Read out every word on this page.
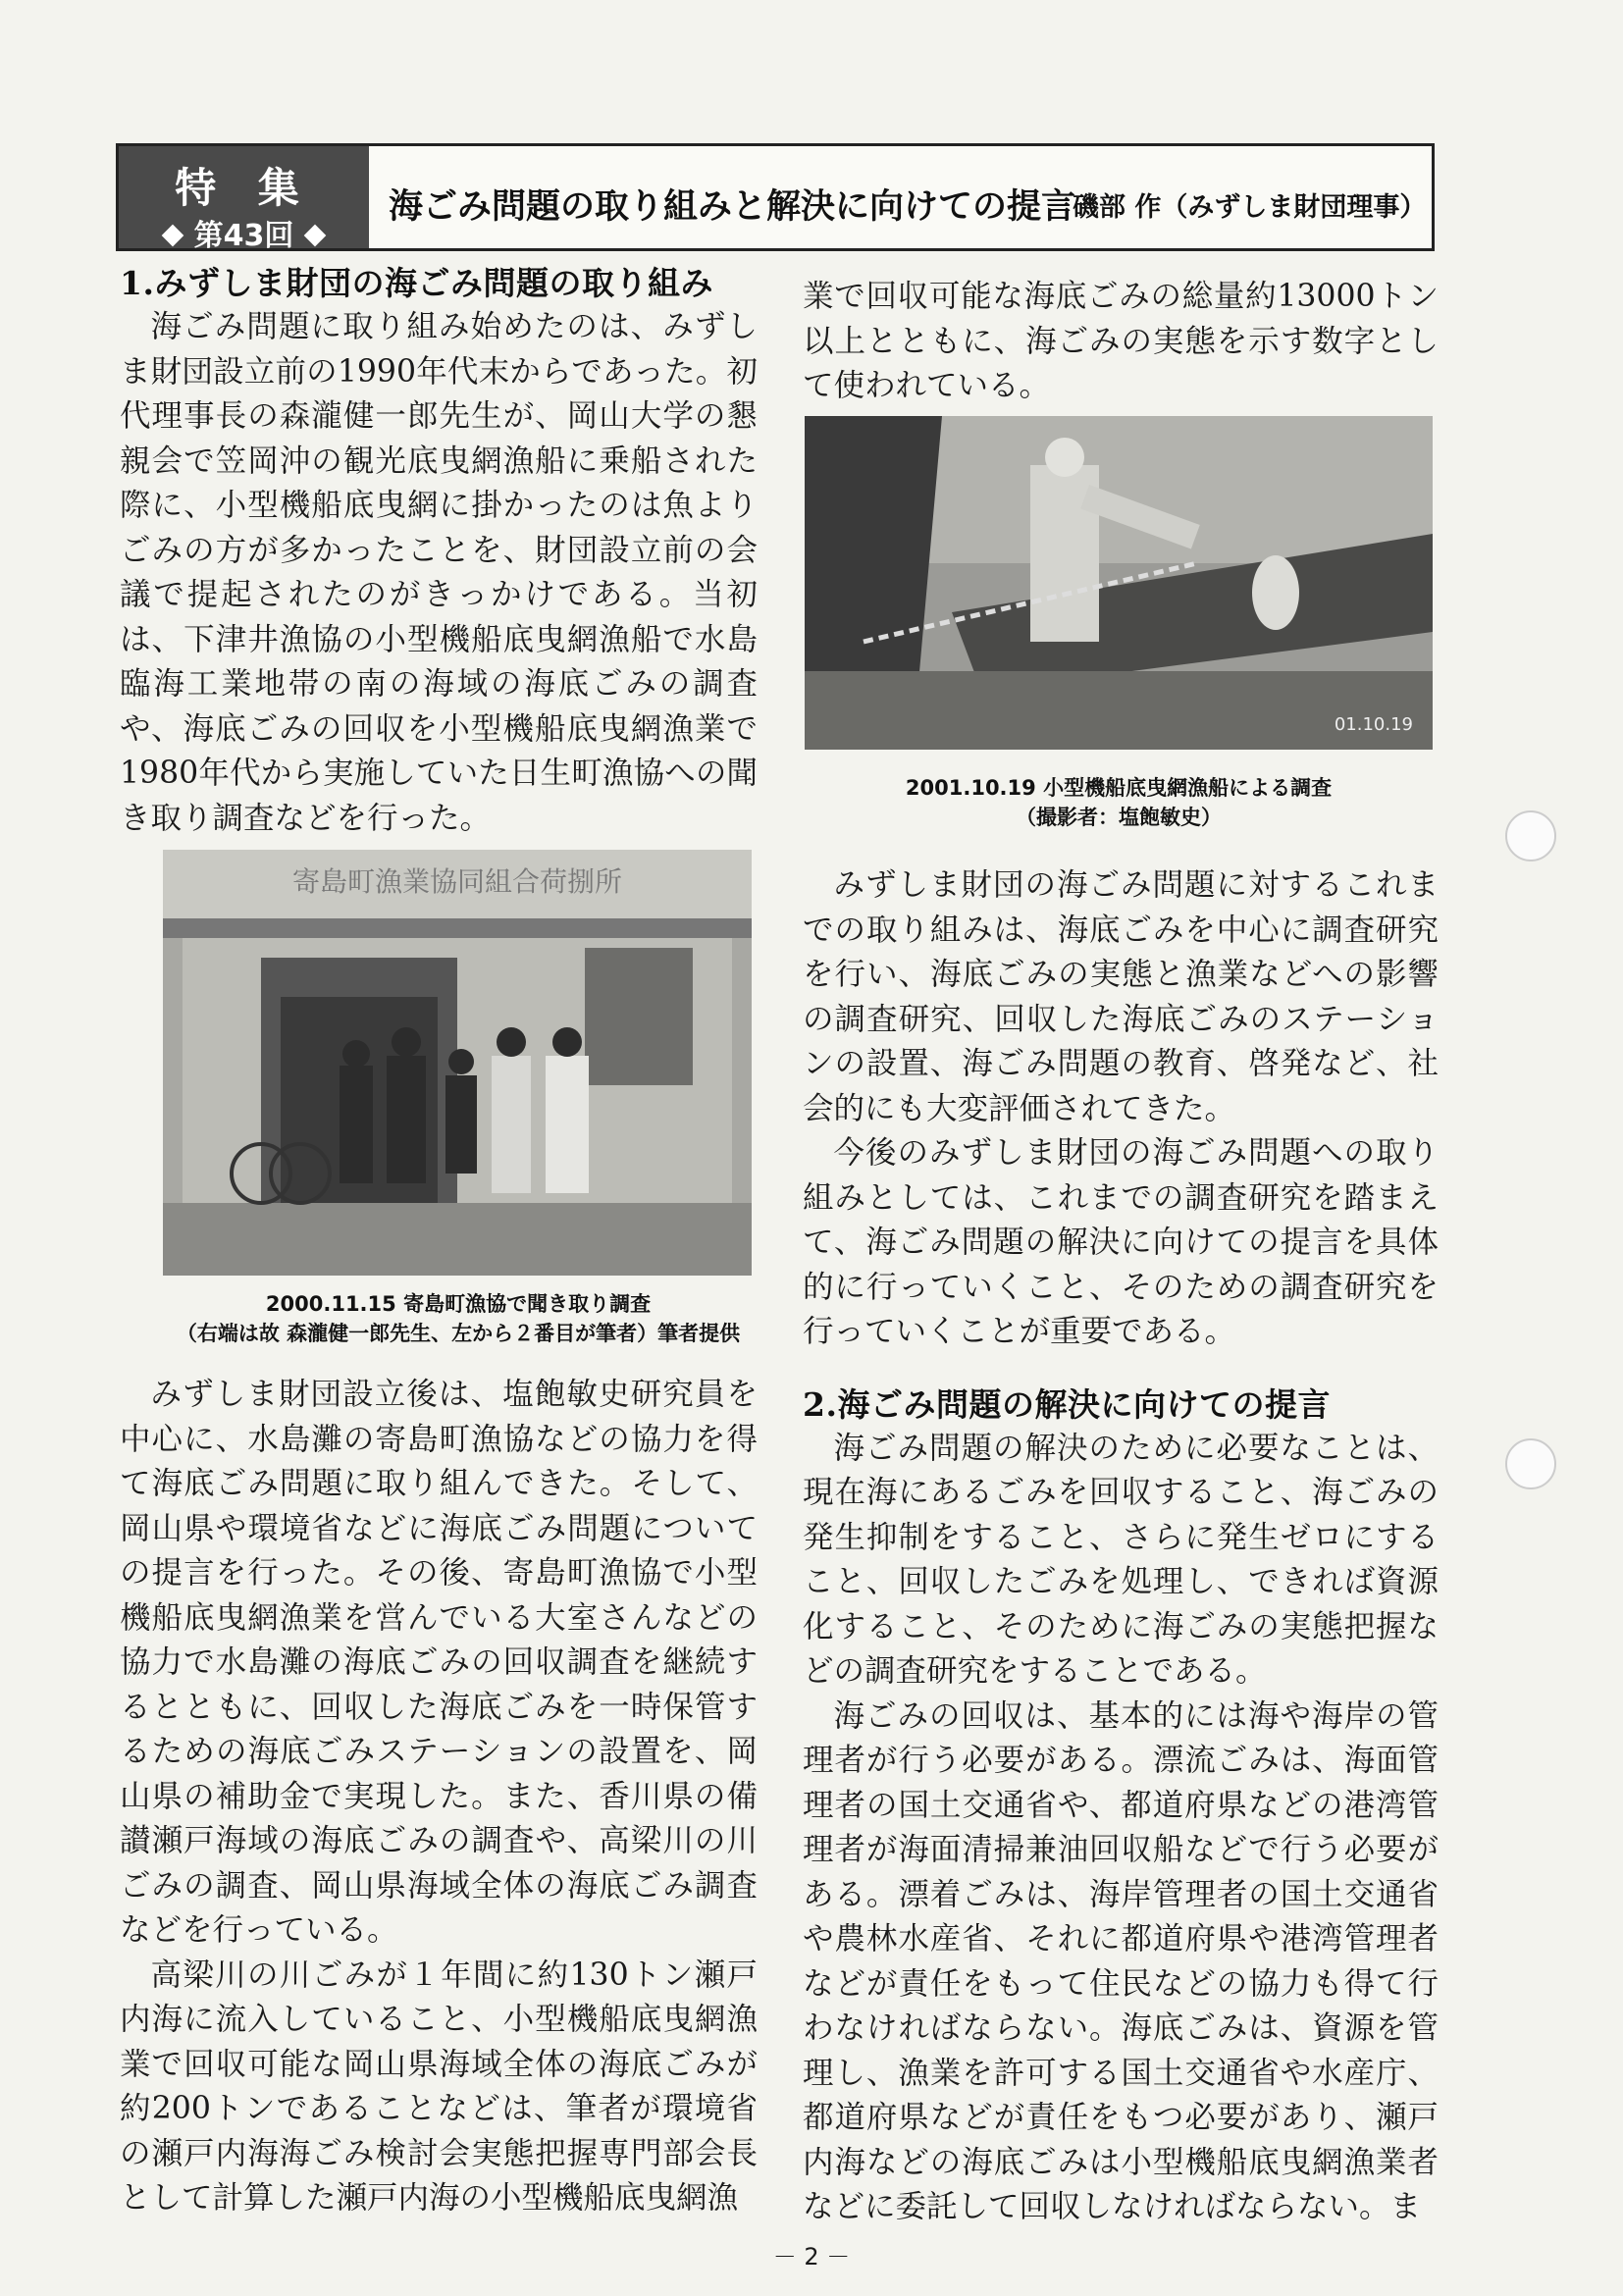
特 集
第43回
海ごみ問題の取り組みと解決に向けての提言
磯部 作（みずしま財団理事）
1.みずしま財団の海ごみ問題の取り組み

海ごみ問題に取り組み始めたのは、みずしま財団設立前の1990年代末からであった。初代理事長の森瀧健一郎先生が、岡山大学の懇親会で笠岡沖の観光底曳網漁船に乗船された際に、小型機船底曳網に掛かったのは魚よりごみの方が多かったことを、財団設立前の会議で提起されたのがきっかけである。当初は、下津井漁協の小型機船底曳網漁船で水島臨海工業地帯の南の海域の海底ごみの調査や、海底ごみの回収を小型機船底曳網漁業で1980年代から実施していた日生町漁協への聞き取り調査などを行った。

寄島町漁業協同組合荷捌所
2000.11.15 寄島町漁協で聞き取り調査
（右端は故 森瀧健一郎先生、左から２番目が筆者）筆者提供

みずしま財団設立後は、塩飽敏史研究員を中心に、水島灘の寄島町漁協などの協力を得て海底ごみ問題に取り組んできた。そして、岡山県や環境省などに海底ごみ問題についての提言を行った。その後、寄島町漁協で小型機船底曳網漁業を営んでいる大室さんなどの協力で水島灘の海底ごみの回収調査を継続するとともに、回収した海底ごみを一時保管するための海底ごみステーションの設置を、岡山県の補助金で実現した。また、香川県の備讃瀬戸海域の海底ごみの調査や、高梁川の川ごみの調査、岡山県海域全体の海底ごみ調査などを行っている。

高梁川の川ごみが１年間に約130トン瀬戸内海に流入していること、小型機船底曳網漁業で回収可能な岡山県海域全体の海底ごみが約200トンであることなどは、筆者が環境省の瀬戸内海海ごみ検討会実態把握専門部会長として計算した瀬戸内海の小型機船底曳網漁

業で回収可能な海底ごみの総量約13000トン以上とともに、海ごみの実態を示す数字として使われている。

01.10.19
2001.10.19 小型機船底曳網漁船による調査
（撮影者：塩飽敏史）

みずしま財団の海ごみ問題に対するこれまでの取り組みは、海底ごみを中心に調査研究を行い、海底ごみの実態と漁業などへの影響の調査研究、回収した海底ごみのステーションの設置、海ごみ問題の教育、啓発など、社会的にも大変評価されてきた。

今後のみずしま財団の海ごみ問題への取り組みとしては、これまでの調査研究を踏まえて、海ごみ問題の解決に向けての提言を具体的に行っていくこと、そのための調査研究を行っていくことが重要である。

2.海ごみ問題の解決に向けての提言

海ごみ問題の解決のために必要なことは、現在海にあるごみを回収すること、海ごみの発生抑制をすること、さらに発生ゼロにすること、回収したごみを処理し、できれば資源化すること、そのために海ごみの実態把握などの調査研究をすることである。

海ごみの回収は、基本的には海や海岸の管理者が行う必要がある。漂流ごみは、海面管理者の国土交通省や、都道府県などの港湾管理者が海面清掃兼油回収船などで行う必要がある。漂着ごみは、海岸管理者の国土交通省や農林水産省、それに都道府県や港湾管理者などが責任をもって住民などの協力も得て行わなければならない。海底ごみは、資源を管理し、漁業を許可する国土交通省や水産庁、都道府県などが責任をもつ必要があり、瀬戸内海などの海底ごみは小型機船底曳網漁業者などに委託して回収しなければならない。ま

－ 2 －
